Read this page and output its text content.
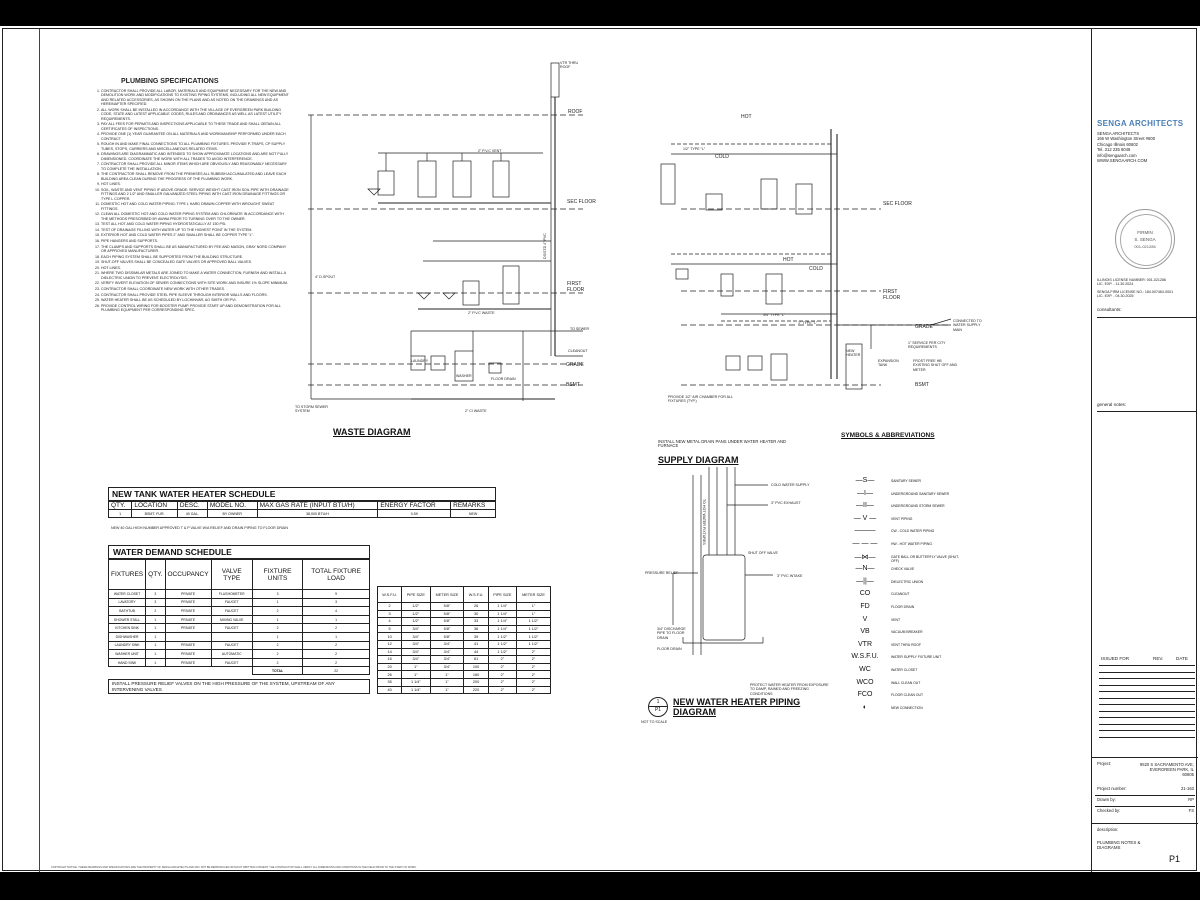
PLUMBING SPECIFICATIONS
1. CONTRACTOR SHALL PROVIDE ALL LABOR, MATERIALS AND EQUIPMENT NECESSARY FOR THE NEW AND DEMOLITION WORK AND MODIFICATIONS TO EXISTING PIPING SYSTEMS, INCLUDING ALL NEW EQUIPMENT AND RELATED ACCESSORIES, AS SHOWN ON THE PLANS AND AS NOTED ON THE DRAWINGS AND AS HEREINAFTER SPECIFIED.
2. ALL WORK SHALL BE INSTALLED IN ACCORDANCE WITH THE VILLAGE OF EVERGREEN PARK BUILDING CODE, STATE AND LATEST APPLICABLE CODES, RULES AND ORDINANCES AS WELL AS LATEST UTILITY REQUIREMENTS.
3. PAY ALL FEES FOR PERMITS AND INSPECTIONS APPLICABLE TO THESE TRADE AND SHALL OBTAIN ALL CERTIFICATES OF INSPECTIONS.
4. PROVIDE ONE (1) YEAR GUARANTEE ON ALL MATERIALS AND WORKMANSHIP PERFORMED UNDER EACH CONTRACT.
5. ROUGH IN AND MAKE FINAL CONNECTIONS TO ALL PLUMBING FIXTURES. PROVIDE P-TRAPS, CP SUPPLY TUBES, STOPS, CARRIERS AND MISCELLANEOUS RELATED ITEMS.
6. DRAWINGS ARE DIAGRAMMATIC AND INTENDED TO SHOW APPROXIMATE LOCATIONS AND ARE NOT FULLY DIMENSIONED. COORDINATE THE WORK WITH ALL TRADES TO AVOID INTERFERENCE.
7. CONTRACTOR SHALL PROVIDE ALL MINOR ITEMS WHICH ARE OBVIOUSLY AND REASONABLY NECESSARY TO COMPLETE THE INSTALLATION.
8. THE CONTRACTOR SHALL REMOVE FROM THE PREMISES ALL RUBBISH ACCUMULATED AND LEAVE EACH BUILDING AREA CLEAN DURING THE PROGRESS OF THE PLUMBING WORK.
9. HOT LINES.
10. SOIL, WASTE AND VENT PIPING IF ABOVE GRADE: SERVICE WEIGHT CAST IRON SOIL PIPE WITH DRAINAGE FITTINGS AND 2 1/2" AND SMALLER GALVANIZED STEEL PIPING WITH CAST IRON DRAINAGE FITTINGS OR TYPE L COPPER.
11. DOMESTIC HOT AND COLD WATER PIPING: TYPE L HARD DRAWN COPPER WITH WROUGHT SWEAT FITTINGS.
12. CLEAN ALL DOMESTIC HOT AND COLD WATER PIPING SYSTEM AND CHLORINATE IN ACCORDANCE WITH THE METHODS PRESCRIBED BY AWWA PRIOR TO TURNING OVER TO THE OWNER.
13. TEST ALL HOT AND COLD WATER PIPING HYDROSTATICALLY AT 150 PSI.
14. TEST OF DRAINAGE FILLING WITH WATER UP TO THE HIGHEST POINT IN THE SYSTEM.
15. EXTERIOR HOT AND COLD WATER PIPES 2" AND SMALLER SHALL BE COPPER TYPE "L".
16. PIPE HANGERS AND SUPPORTS.
17. THE CLAMPS AND SUPPORTS SHALL BE AS MANUFACTURED BY FEE AND MASON, GRAY NORD COMPANY OR APPROVED MANUFACTURER.
18. EACH PIPING SYSTEM SHALL BE SUPPORTED FROM THE BUILDING STRUCTURE.
19. SHUT-OFF VALVES SHALL BE CONCEALED GATE VALVES OR APPROVED BALL VALVES.
20. HOT LINES.
21. WHERE TWO DISSIMILAR METALS ARE JOINED TO MAKE A WATER CONNECTION, FURNISH AND INSTALL A DIELECTRIC UNION TO PREVENT ELECTROLYSIS.
22. VERIFY INVERT ELEVATION OF SEWER CONNECTIONS WITH SITE WORK AND INSURE 1% SLOPE MINIMUM.
23. CONTRACTOR SHALL COORDINATE NEW WORK WITH OTHER TRADES.
24. CONTRACTOR SHALL PROVIDE STEEL PIPE SLEEVE THROUGH INTERIOR WALLS AND FLOORS.
25. WATER HEATER SHALL BE AS SCHEDULED BY LOCHINVAR, AO SMITH OR PVI.
26. PROVIDE CONTROL WIRING FOR BOOSTER PUMP. PROVIDE START UP AND DEMONSTRATION FOR ALL PLUMBING EQUIPMENT PER CORRESPONDING SPEC.
VTR THRU ROOF
ROOF
SEC FLOOR
FIRST FLOOR
GRADE
BSMT
4" D.SPOUT
TO STORM SEWER SYSTEM
2" P.V.C VENT
2" P.V.C WASTE
FLOOR DRAIN
CLEANOUT
WASHER
LAUNDRY
2" CI WASTE
TO SEWER
DS/STD 4" PVC
WASTE DIAGRAM
HOT
COLD
HOT
COLD
SEC FLOOR
FIRST FLOOR
GRADE
BSMT
CONNECTED TO WATER SUPPLY MAIN
1" SERVICE PER CITY REQUIREMENTS
FROST FREE HB EXISTING SHUT OFF AND METER
EXPANSION TANK
NEW HEATER
PROVIDE 1/2" AIR CHAMBER FOR ALL FIXTURES (TYP.)
1/2" TYPE "L"
3/4" TYPE "L"
1" TYPE "L"
SUPPLY DIAGRAM
INSTALL NEW METAL DRAIN PANS UNDER WATER HEATER AND FURNACE
COLD WATER SUPPLY
3" PVC EXHAUST
SHUT OFF VALVE
3" PVC INTAKE
PRESSURE RELIEF
3/4" DISCHARGE PIPE TO FLOOR DRAIN
FLOOR DRAIN
TO HOT WATER FIXTURES
PROTECT WATER HEATER FROM EXPOSURE TO DAMP, RAINED AND FREEZING CONDITIONS
1
P1
NOT TO SCALE
NEW WATER HEATER PIPING
DIAGRAM
SYMBOLS & ABBREVIATIONS
—S—	SANITARY SEWER
—I—	UNDERGROUND SANITARY SEWER
—II—	UNDERGROUND STORM SEWER
— V —	VENT PIPING
———	CW - COLD WATER PIPING
— — —	HW - HOT WATER PIPING
—⋈—	GATE BALL OR BUTTERFLY VALVE (SHUT-OFF)
—N—	CHECK VALVE
—||—	DIELECTRIC UNION
CO	CLEANOUT
FD	FLOOR DRAIN
V	VENT
VB	VACUUM BREAKER
VTR	VENT THRU ROOF
W.S.F.U.	WATER SUPPLY FIXTURE UNIT
WC	WATER CLOSET
WCO	WALL CLEAN OUT
FCO	FLOOR CLEAN OUT
◐	NEW CONNECTION
NEW TANK WATER HEATER SCHEDULE
QTY.	LOCATION	DESC.	MODEL NO.	MAX GAS RATE (INPUT BTU/H)	ENERGY FACTOR	REMARKS
1	BSMT. FUR.	40 GAL.	BY OWNER	38,000 BTU/H	0.59	NEW
NEW 40 GAL HIGH NUMBER APPROVED T & P VALVE W/A RELIEF AND DRAIN PIPING TO FLOOR DRAIN
WATER DEMAND SCHEDULE
FIXTURES	QTY.	OCCUPANCY	VALVE TYPE	FIXTURE UNITS	TOTAL FIXTURE LOAD
WATER CLOSET	3	PRIVATE	FLUSHOMETER	3	9
LAVATORY	3	PRIVATE	FAUCET	1	3
BATHTUB	2	PRIVATE	FAUCET	2	4
SHOWER STALL	1	PRIVATE	MIXING VALVE	1	1
KITCHEN SINK	1	PRIVATE	FAUCET	2	2
DISHWASHER	1			1	1
LAUNDRY SINK	1	PRIVATE	FAUCET	2	2
WASHER UNIT	1	PRIVATE	AUTOMATIC	2	2
HAND SINK	1	PRIVATE	FAUCET	2	2
				TOTAL	22
INSTALL PRESSURE RELIEF VALVES ON THE HIGH PRESSURE OF THE SYSTEM, UPSTREAM OF ANY INTERVENING VALVES
W.S.F.U.	PIPE SIZE	METER SIZE	W.S.F.U.	PIPE SIZE	METER SIZE
2	1/2"	5/8"	26	1 1/4"	1"
3	1/2"	5/8"	30	1 1/4"	1"
4	1/2"	5/8"	33	1 1/4"	1 1/2"
5	3/4"	5/8"	36	1 1/4"	1 1/2"
10	3/4"	5/8"	39	1 1/2"	1 1/2"
12	3/4"	3/4"	41	1 1/2"	1 1/2"
14	3/4"	3/4"	44	1 1/2"	2"
16	3/4"	3/4"	61	2"	2"
20	1"	3/4"	100	2"	2"
26	1"	1"	160	2"	2"
35	1 1/4"	1"	200	2"	2"
40	1 1/4"	1"	220	2"	2"
SENGA ARCHITECTS
SENGA ARCHITECTS
166 W Washington Street #600
Chicago Illinois 60602
Tel. 312 235 6048
info@sengaarch.com
WWW.SENGAARCH.COM
FIRMIN
S. SENGA
001-021286
ILLINOIS LICENSE NUMBER: 001-021286
LIC. EXP. - 11.30.2024
SENGA FIRM LICENSE NO.: 184.007463-0001
LIC. EXP. - 04.30.2025
consultants:
general notes:
ISSUED FOR	REV.	DATE
Project:	9520 S SACRAMENTO AVE, EVERGREEN PARK, IL 60805
Project number:	21-163
Drawn by:	RP
Checked by:	FS
description:
PLUMBING NOTES & DIAGRAMS
P1
COPYRIGHT NOTICE: THESE DRAWINGS AND SPECIFICATIONS ARE THE PROPERTY OF SENGA ARCHITECTS AND MAY NOT BE REPRODUCED WITHOUT WRITTEN CONSENT. THE CONTRACTOR SHALL VERIFY ALL DIMENSIONS AND CONDITIONS IN THE FIELD PRIOR TO THE START OF WORK.
